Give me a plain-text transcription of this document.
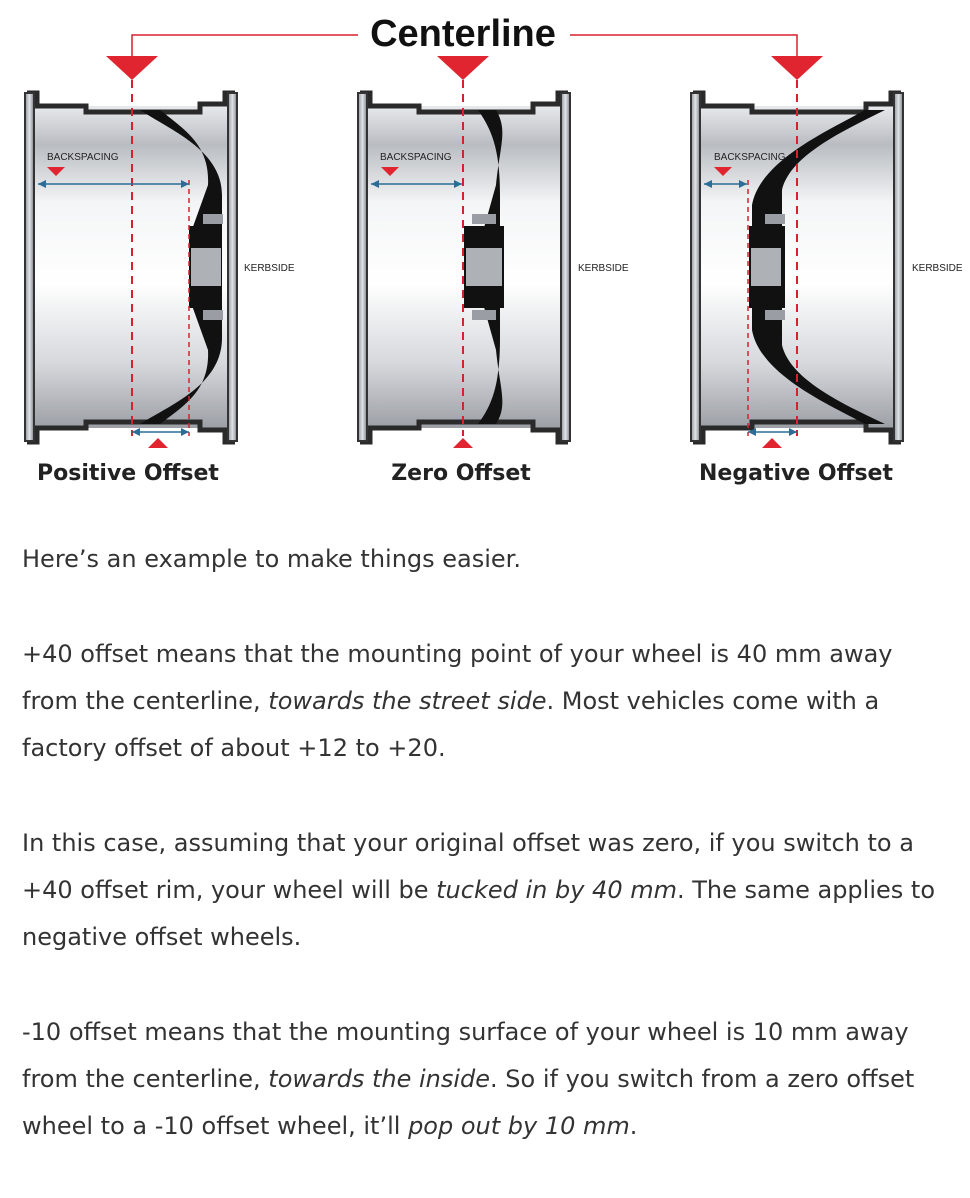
Centerline
BACKSPACING
KERBSIDE
Positive Offset
BACKSPACING
KERBSIDE
Zero Offset
BACKSPACING
KERBSIDE
Negative Offset

Here’s an example to make things easier.

+40 offset means that the mounting point of your wheel is 40 mm away from the centerline, towards the street side. Most vehicles come with a factory offset of about +12 to +20.

In this case, assuming that your original offset was zero, if you switch to a +40 offset rim, your wheel will be tucked in by 40 mm. The same applies to negative offset wheels.

-10 offset means that the mounting surface of your wheel is 10 mm away from the centerline, towards the inside. So if you switch from a zero offset wheel to a -10 offset wheel, it’ll pop out by 10 mm.
